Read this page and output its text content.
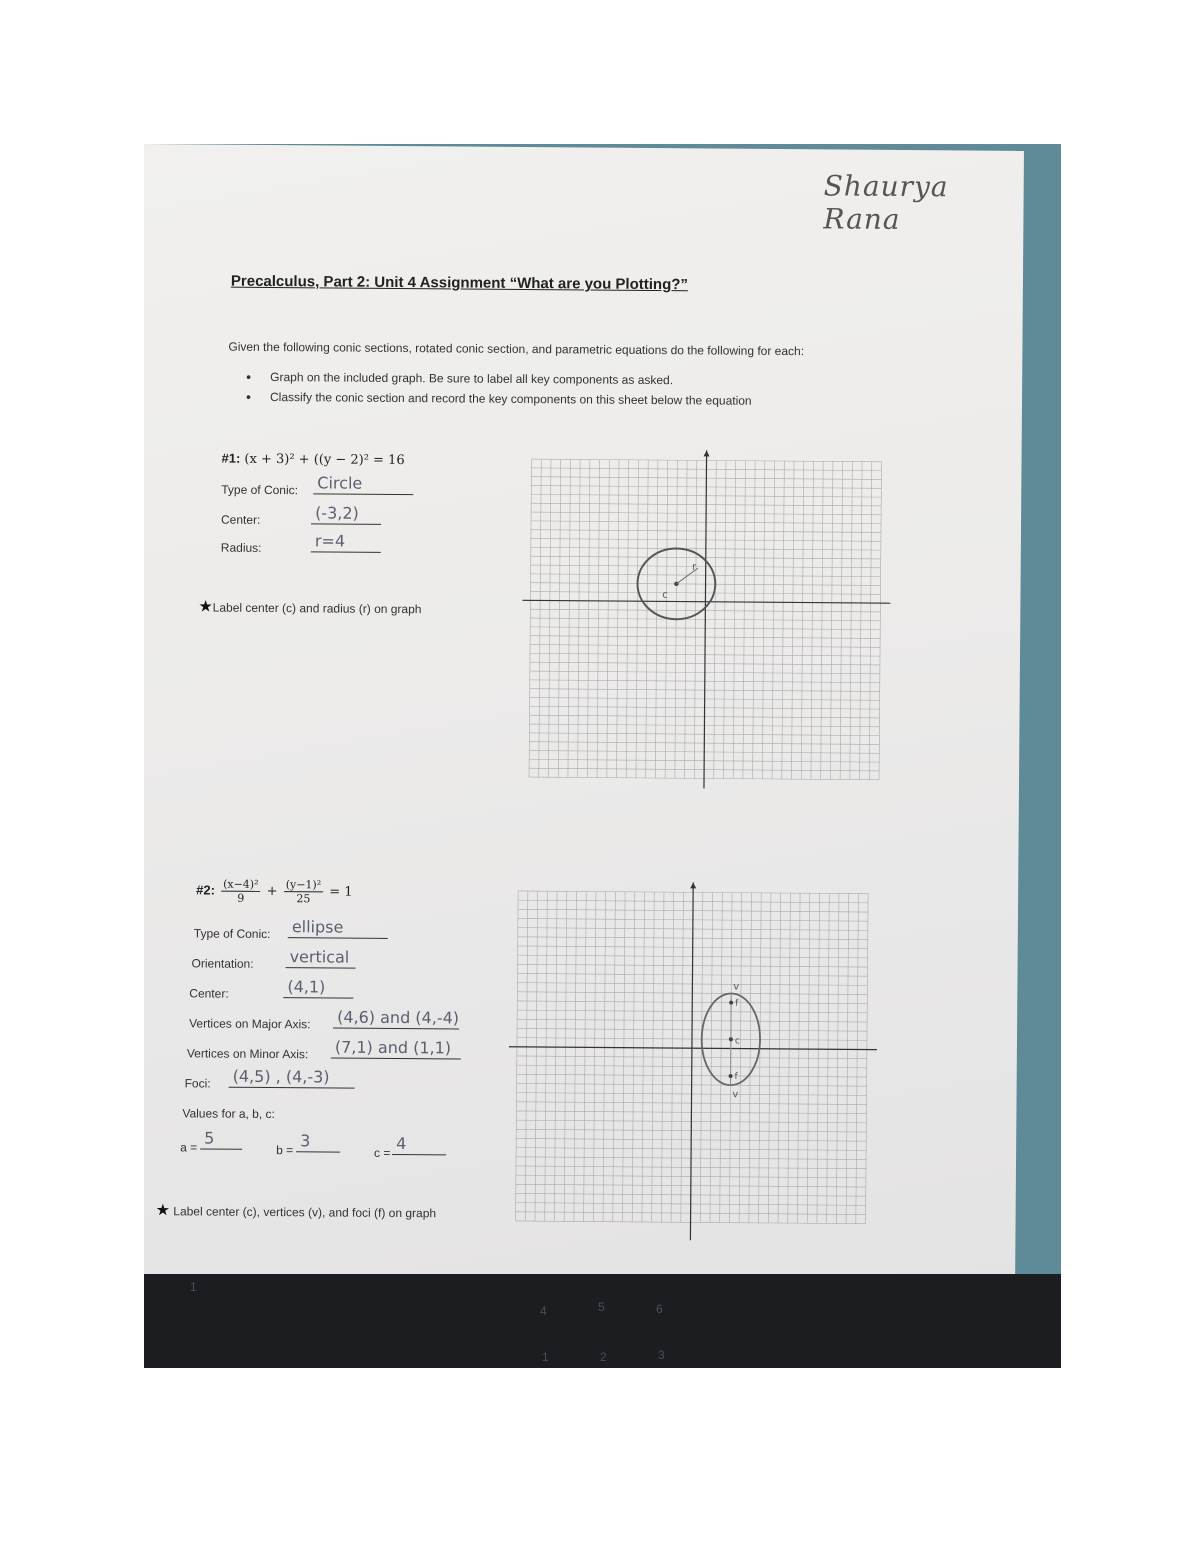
Shaurya Rana
Precalculus, Part 2: Unit 4 Assignment “What are you Plotting?”
Given the following conic sections, rotated conic section, and parametric equations do the following for each:
• Graph on the included graph. Be sure to label all key components as asked.
• Classify the conic section and record the key components on this sheet below the equation
#1: (x + 3)² + ((y − 2)² = 16
Type of Conic: Circle
Center:	(-3,2)
Radius:	r=4
★Label center (c) and radius (r) on graph
c
r
#2: $\frac{\text{(x−4)²}}{9} + \frac{\text{(y−1)²}}{25} = 1$
Type of Conic: ellipse
Orientation: vertical
Center:	(4,1)
Vertices on Major Axis: (4,6) and (4,-4)
Vertices on Minor Axis: (7,1) and (1,1)
Foci: (4,5) , (4,-3)
Values for a, b, c:
a = 5
b = 3
c = 4
★ Label center (c), vertices (v), and foci (f) on graph
c
v
v
f
f
1
4	5	6
1	2	3
